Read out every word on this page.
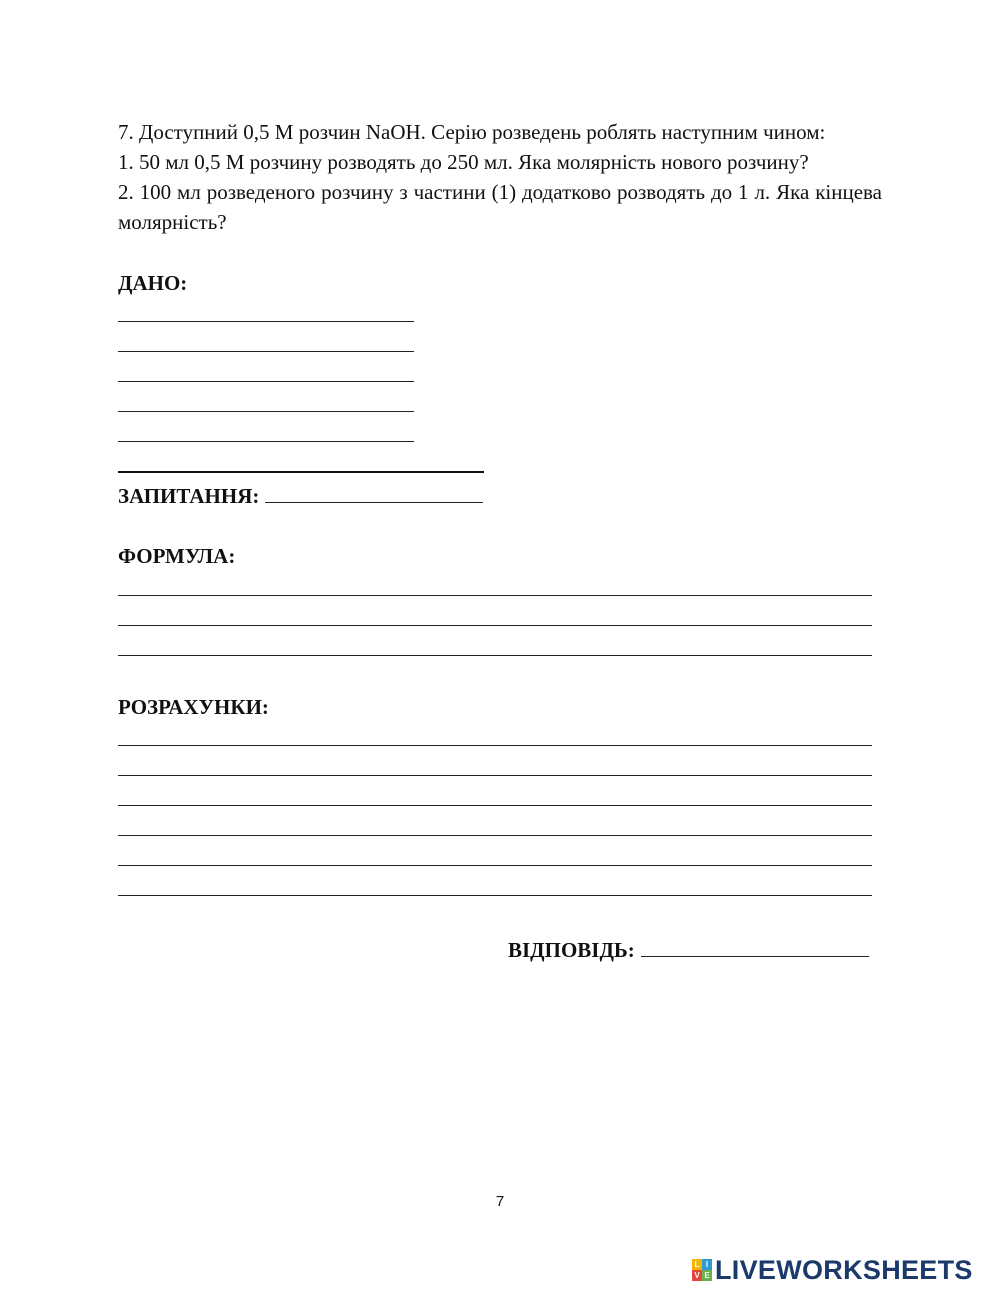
7. Доступний 0,5 М розчин NaOH. Серію розведень роблять наступним чином:

1. 50 мл 0,5 М розчину розводять до 250 мл. Яка молярність нового розчину?

2. 100 мл розведеного розчину з частини (1) додатково розводять до 1 л. Яка кінцева молярність?

ДАНО:
ЗАПИТАННЯ:
ФОРМУЛА:
РОЗРАХУНКИ:
ВІДПОВІДЬ:
7
L I
V E LIVEWORKSHEETS
